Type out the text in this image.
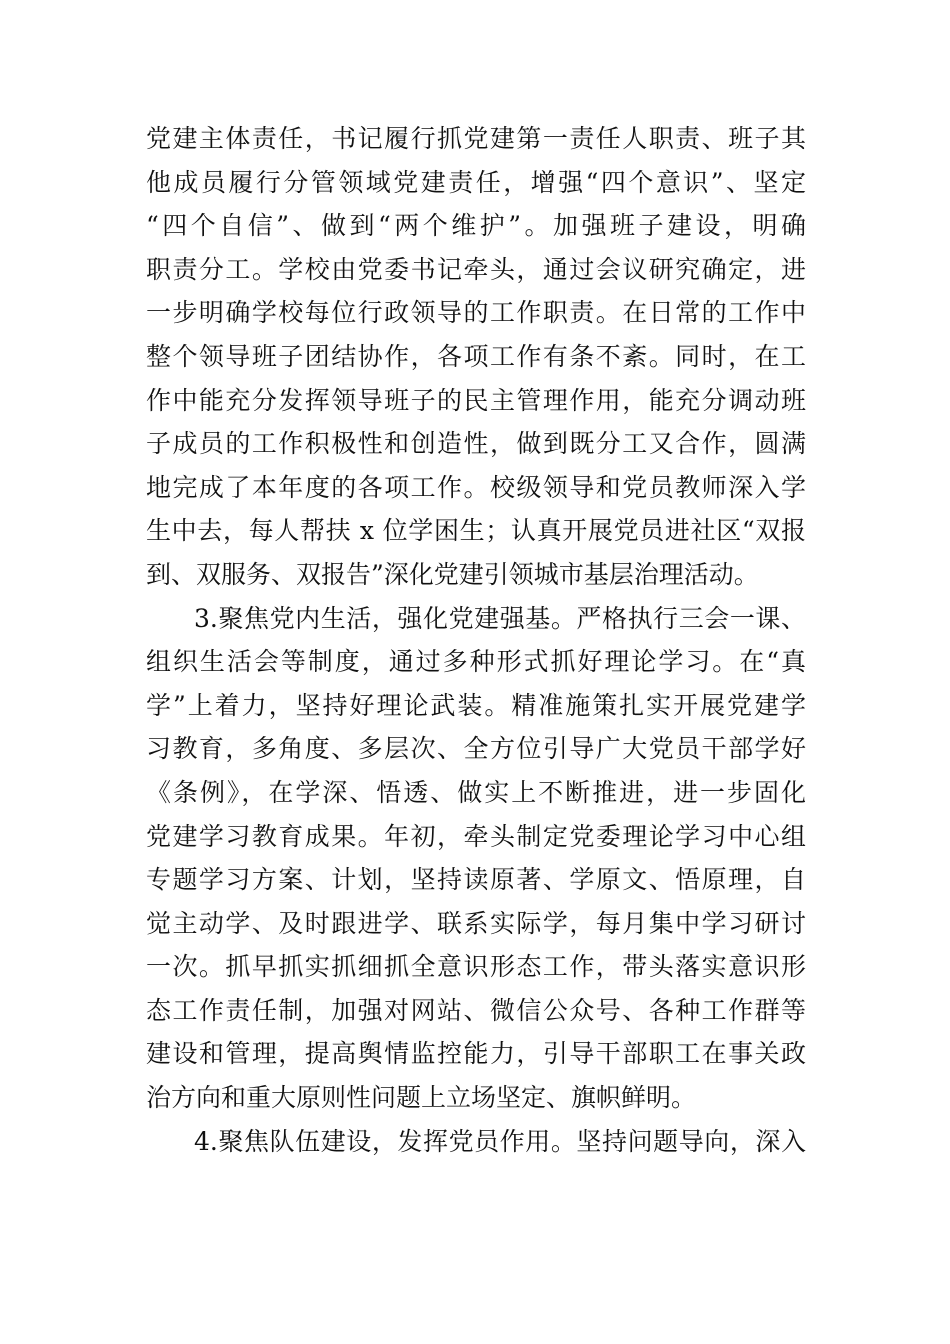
党建主体责任，书记履行抓党建第一责任人职责、班子其
他成员履行分管领域党建责任，增强“四个意识”、坚定
“四个自信”、做到“两个维护”。加强班子建设，明确
职责分工。学校由党委书记牵头，通过会议研究确定，进
一步明确学校每位行政领导的工作职责。在日常的工作中
整个领导班子团结协作，各项工作有条不紊。同时，在工
作中能充分发挥领导班子的民主管理作用，能充分调动班
子成员的工作积极性和创造性，做到既分工又合作，圆满
地完成了本年度的各项工作。校级领导和党员教师深入学
生中去，每人帮扶 x 位学困生；认真开展党员进社区“双报
到、双服务、双报告”深化党建引领城市基层治理活动。
3.聚焦党内生活，强化党建强基。严格执行三会一课、
组织生活会等制度，通过多种形式抓好理论学习。在“真
学”上着力，坚持好理论武装。精准施策扎实开展党建学
习教育，多角度、多层次、全方位引导广大党员干部学好
《条例》，在学深、悟透、做实上不断推进，进一步固化
党建学习教育成果。年初，牵头制定党委理论学习中心组
专题学习方案、计划，坚持读原著、学原文、悟原理，自
觉主动学、及时跟进学、联系实际学，每月集中学习研讨
一次。抓早抓实抓细抓全意识形态工作，带头落实意识形
态工作责任制，加强对网站、微信公众号、各种工作群等
建设和管理，提高舆情监控能力，引导干部职工在事关政
治方向和重大原则性问题上立场坚定、旗帜鲜明。
4.聚焦队伍建设，发挥党员作用。坚持问题导向，深入
